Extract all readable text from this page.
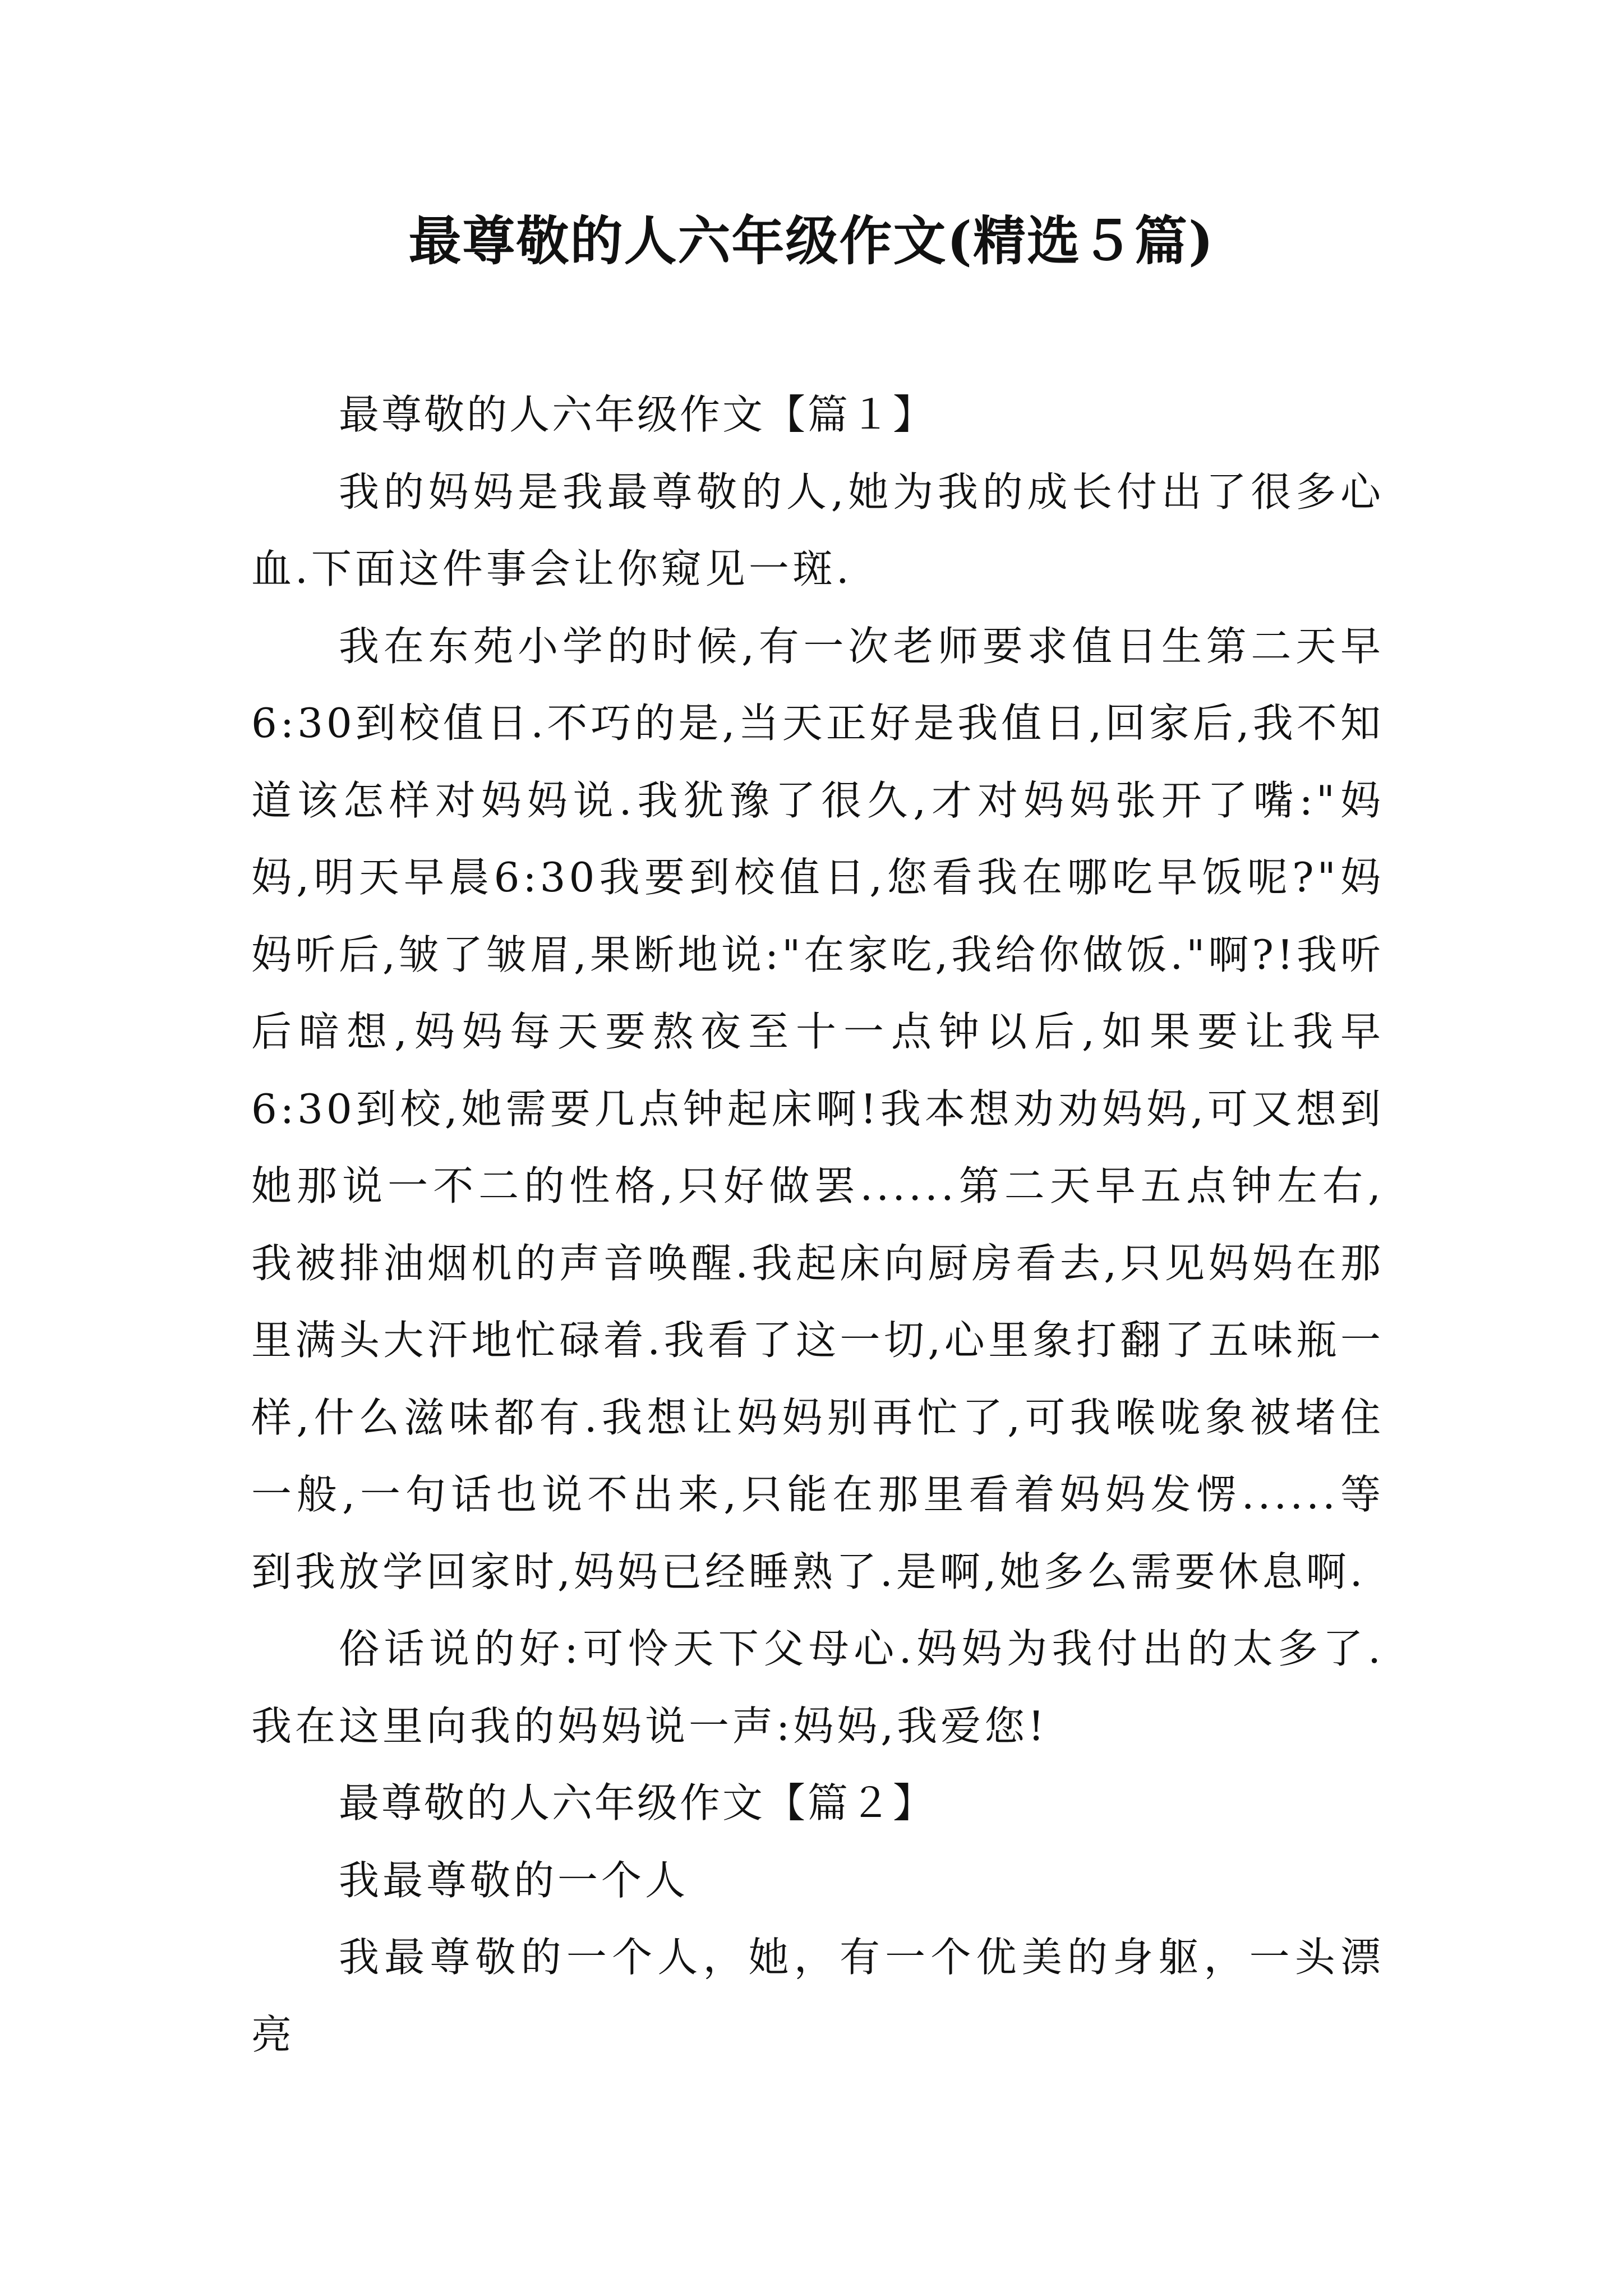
最尊敬的人六年级作文(精选５篇)

最尊敬的人六年级作文【篇１】

我的妈妈是我最尊敬的人,她为我的成长付出了很多心血.下面这件事会让你窥见一斑.

我在东苑小学的时候,有一次老师要求值日生第二天早6:30到校值日.不巧的是,当天正好是我值日,回家后,我不知道该怎样对妈妈说.我犹豫了很久,才对妈妈张开了嘴:"妈妈,明天早晨6:30我要到校值日,您看我在哪吃早饭呢?"妈妈听后,皱了皱眉,果断地说:"在家吃,我给你做饭."啊?!我听后暗想,妈妈每天要熬夜至十一点钟以后,如果要让我早6:30到校,她需要几点钟起床啊!我本想劝劝妈妈,可又想到她那说一不二的性格,只好做罢......第二天早五点钟左右,我被排油烟机的声音唤醒.我起床向厨房看去,只见妈妈在那里满头大汗地忙碌着.我看了这一切,心里象打翻了五味瓶一样,什么滋味都有.我想让妈妈别再忙了,可我喉咙象被堵住一般,一句话也说不出来,只能在那里看着妈妈发愣......等到我放学回家时,妈妈已经睡熟了.是啊,她多么需要休息啊.

俗话说的好:可怜天下父母心.妈妈为我付出的太多了.我在这里向我的妈妈说一声:妈妈,我爱您!

最尊敬的人六年级作文【篇２】

我最尊敬的一个人

我最尊敬的一个人，她，有一个优美的身躯，一头漂亮
